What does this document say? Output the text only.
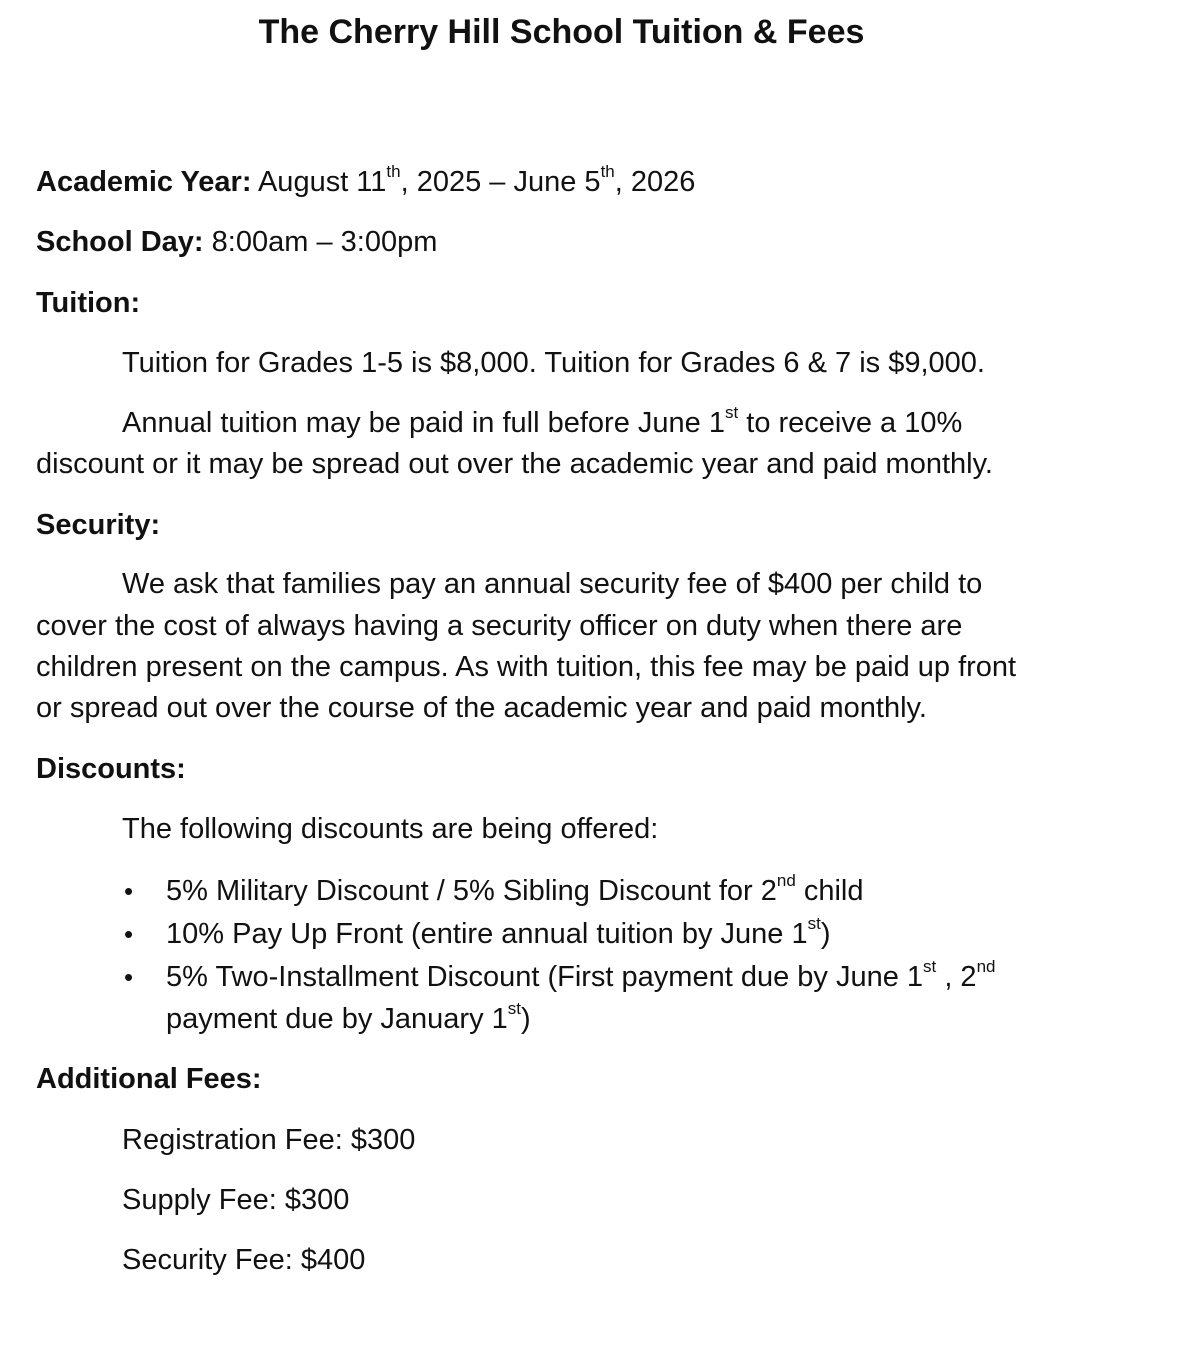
The Cherry Hill School Tuition & Fees
Academic Year: August 11th, 2025 – June 5th, 2026
School Day: 8:00am – 3:00pm
Tuition:
Tuition for Grades 1-5 is $8,000. Tuition for Grades 6 & 7 is $9,000.
Annual tuition may be paid in full before June 1st to receive a 10%
discount or it may be spread out over the academic year and paid monthly.
Security:
We ask that families pay an annual security fee of $400 per child to
cover the cost of always having a security officer on duty when there are
children present on the campus. As with tuition, this fee may be paid up front
or spread out over the course of the academic year and paid monthly.
Discounts:
The following discounts are being offered:
• 5% Military Discount / 5% Sibling Discount for 2nd child
• 10% Pay Up Front (entire annual tuition by June 1st)
• 5% Two-Installment Discount (First payment due by June 1st , 2nd
payment due by January 1st)
Additional Fees:
Registration Fee: $300
Supply Fee: $300
Security Fee: $400
